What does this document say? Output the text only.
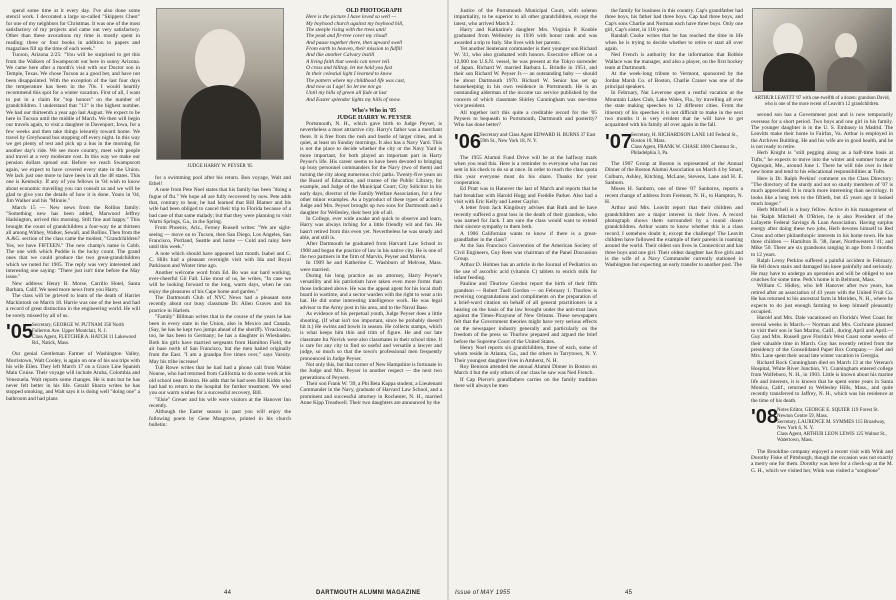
spend some time at it every day. I've also done some stencil work. I decorated a large so-called "Skippers Chest" for one of my neighbors for Christmas. It was one of the most satisfactory of my projects and came out very satisfactory. Other than these avocations my time is mostly spent in reading; three or four books in addition to papers and magazines fill up the time of each week."

Tucson, Arizona 2/25: "You will be surprised to get this from the Walkers of Swampscott out here in sunny Arizona. We came here after a month's visit with our Doctor son in Temple, Texas. We chose Tucson as a good bet, and have not been disappointed. With the exception of the last four days the temperature has been in the 70s. I would heartily recommend this spot for a winter vacation. First of all, I want to put in a claim for "top honors" on the number of grandchildren. I understand that "13" is the highest number. We had our thirteenth a year ago last August. We expect to be here in Tucson until the middle of March. We then will begin our travels again, to visit a daughter in Davenport, Iowa, for a few weeks and then take things leisurely toward home. We travel by Greyhound bus stopping off every night. In this way we get plenty of rest and pick up a bus in the morning for another day's ride. We see more country, meet with people and travel at a very moderate cost. In this way we make our pension dollars spread out. Before we reach Swampscott again, we expect to have covered every state in the Union. We lack just one more to have been in all the 48 states. This one is Kentucky. If any of you fellows in '04 wish to know about economic travelling you can consult us and we will be glad to give you the details of how it is done. Yours in '04, Jim Walker and his "Minnie."

March 15 — New news from the Rollins family: "Something new has been added, Marwood Jeffrey Hadsington, arrived this morning. Still fine and happy." This brought the count of grandchildren a four-way tie at thirteen all among Withey, Walker, Sewall, and Rollins. Then from the A.&G. section of the class came the modest, "Grandchildren? Yes, we have FIFTEEN." The new champ's name is Cobb. The one with which Puddie is the lucky count. The grand ones that we could produce the two great-grandchildren which we noted for 1905. The reply was very interested and interesting one saying: "There just isn't time before the May issue."

New address: Henry B. Morse, Carrillo Hotel, Santa Barbara, Calif. We need more news from you Harry.

The class will be grieved to learn of the death of Harriet Mackintosh on March 18. Harrie was one of the best and had a record of great distinction in the engineering world. He will be sorely missed by all of us.

'05
Secretary, GEORGE W. PUTNAM 358 North Fullerton Ave. Upper Montclair, N. J.
Class Agent, FLETCHER A. HATCH 11 Lakewood Rd., Natick, Mass.

Our genial Gentleman Farmer of Washington Valley, Morristown, Walt Cooley, is again on one of his sea trips with his wife Ellen. They left March 17 on a Grace Line Spanish Main Cruise. Their voyage will include Aruba, Colombia and Venezuela. Walt reports some changes. He is nuts but he has never felt better in his life. Gerald Sbarra writes he has stopped smoking, and Walt says it is doing well "doing one" a bathroom and had plans

JUDGE HARRY W. PEYSER '05

for a swimming pool after his return. Bon voyage, Walt and Ethel!

A note from Pete Noel states that his family has been "doing a fugue of flu." We hope all are fully recovered by now. Pete adds that, contrary to hear, he had learned that Bill Blatner and his wife had been obliged to cancel their trip to Florida because of a bad case of that same malady; but that they were planning to visit Warm Springs, Ga., in the Spring.

From Phoenix, Ariz., Ferney Russell writes: "We are sight-seeing — move on to Tucson, then San Diego, Los Angeles, San Francisco, Portland, Seattle and home — Cold and rainy here until this week."

A note which should have appeared last month. Isabel and C. C. Hills had a pleasant overnight visit with Ida and Royal Parkinson and Winter time ago.

Another welcome word from Ed. Bo was our hard working, ever-cheerful Gil Fall. Like most of us, he writes, "In case we will be looking forward to the long, warm days, when he can enjoy the pleasures of his Cape home and garden."

The Dartmouth Club of NYC News had a pleasant note recently about our busy classmate Dr. Allen Graves and his practice in Harlem.

"Family" Billman writes that in the course of the years he has been in every state in the Union, also in Mexico and Canada. (Say, he has he kept two jumps ahead of the sheriff). Vivaciously, too, he has been to Germany; he has a daughter in Wiesbaden. Both his girls have married sergeants from Hamilton Field, the air base north of San Francisco, but the men hailed originally from the East. "I am a grandpa five times over," says Varsity. May his tribe increase!

Tub Rowe writes that he had had a phone call from Walter Nourse, who had returned from California to do some work at his old school near Boston. He adds that he had seen Bill Kiddo who had had to return to the hospital for further treatment. We send you our warm wishes for a successful recovery, Bill.

"Elsie" Greuer and his wife were visitors at the Hanover Inn recently.

Although the Easter season is past you will enjoy the following poem by Gene Musgrove, printed in his church bulletin:

OLD PHOTOGRAPH

Here is the picture I have loved so well —

My boyhood church against my boyhood hill,

The steeple rising with the trees until

The peak and fir-tree cover my cloud!

And pause together there, then upward swell

From earth to heaven, their mission to fulfill

And like another Calvary instill

A living faith that weeds can never tell.

O cross and hilltop, let me hold you fast

In their celestial light I learned to know

The pattern where my childhood life was cast,

And now as I age! So let me not go

Until my hills of green all fade at last

And Easter splendor lights my hills of snow.

Who's Who in '05

JUDGE HARRY W. PEYSER

Portsmouth, N. H., which gave birth to Judge Peyser, is nevertheless a most attractive city. Harry's father was a merchant there. It is free from the rush and bustle of larger cities, and is quiet, at least on Sunday mornings. It also has a Navy Yard. This is not the place to decide whether the city or the Navy Yard is more important, for both played an important part in Harry Peyser's life. His career seems to have been devoted to bringing up busy personnel commanders for the Navy (two of them) and turning the city along numerous civic paths. Twenty-five years on the Board of Education, and trustee of the Public Library, for example, and Judge of the Municipal Court; City Solicitor in his early days, director of the Family Welfare Association, for a few other minor examples. As a byproduct of these types of activity Judge and Mrs. Peyser brought up two sons for Dartmouth and a daughter for Wellesley, their best job of all.

In College, ever wide awake and quick to observe and learn, Harry was always itching for a little friendly wit and fun. He hasn't retired from this even yet. Nevertheless he was steady and able, and still is.

After Dartmouth he graduated from Harvard Law School in 1908 and began the practice of law in his native city. He is one of the two partners in the firm of Marvin, Peyser and Marvin.

In 1909 he and Katherine C. Washburn of Melrose, Mass. were married.

During his long practice as an attorney, Harry Peyser's versatility and his patriotism have taken even more forms than those indicated above. He was the appeal agent for his local draft board in wartime, and a sector warden with the right to wear a tin hat. He did some interesting intelligence work. He was legal advisor to the Army post in his area, and to the Naval Base.

As evidence of his perpetual youth, Judge Peyser does a little shooting. (If what isn't too important, since he probably doesn't hit it.) He swims and bowls in season. He collects stamps, which is what keeps him thin and trim of figure. He and our late classmate Ira Novick were also classmates in their school time. It is rare for any city to find so useful and versatile a lawyer and judge, so much so that the town's professional men frequently pronounced in Judge Peyser.

Not only this, but that corner of New Hampshire is fortunate in the Judge and Mrs. Peyser in another respect — the next two generations of Peysers.

Their son Frank W. '39, a Phi Beta Kappa student, a Lieutenant Commander in the Navy, graduate of Harvard Law School, and a prominent and successful attorney in Rochester, N. H., married Anne Kipp Treadwell. Their two daughters are announced by the

44	DARTMOUTH ALUMNI MAGAZINE

Justice of the Portsmouth Municipal Court, with solemn impartiality, to be superior to all other grandchildren, except the latest, who arrived March 2.

Harry and Katharine's daughter Mrs. Virginia P. Knoble graduated from Wellesley in 1936 with honor rank and was awarded a trip to Italy. She lives with her parents.

Yet another lieutenant commander is their younger son Richard W. '41, who also graduated with honors. Executive officer on a 12,000 ton U.S.N. vessel, he was present at the Tokyo surrender of Japan. Richard W. married Barbara L. Brindle in 1951, and their son Richard W. Peyser Jr.— an outstanding baby — should be about Dartmouth 1970. Richard W. Senior has set up housekeeping in his own residence in Portsmouth. He is an outstanding alderman of the income tax service published by the concern of which classmate Shirley Cunningham was one-time vice president.

All together isn't this quite a creditable record for the '05 Peysers to bequeath to Portsmouth, Dartmouth and posterity? Who has done better?

'06
Secretary and Class Agent EDWARD H. BURNS 37 East 59th St., New York 18, N. Y.

The 1955 Alumni Fund Drive will be at the halfway mark when you read this. Here is a reminder to everyone who has not sent in his check to do so at once. In order to reach the class quota this year everyone must do his share. Thanks for your cooperation.

Ed Pratt was in Hanover the last of March and reports that he had breakfast with Harold Hogg and Freddie Parker. Also had a visit with Eric Kelly and Lester Gaylor.

A letter from Jack Kingsbury advises that Ruth and he have recently suffered a great loss in the death of their grandson, who was named for Jack. I am sure the class would want to extend their sincere sympathy to them both.

A 1906 Californian wants to know if there is a great-grandfather in the class?

At the San Francisco Convention of the American Society of Civil Engineers, Guy Rees was chairman of the Panel Discussion Group.

Arthur D. Holmes has an article in the Journal of Pediatrics on the use of ascorbic acid (vitamin C) tablets to enrich milk for infant feeding.

Pauline and Thurlow Gordon report the birth of their fifth grandson — Robert Tuell Gordon — on February 1. Thurlow is receiving congratulations and compliments on the preparation of a brief-word citation on behalf of all general practitioners in a hearing on the basis of the law brought under the anti-trust laws against the Times-Picayune of New Orleans. These newspapers felt that the Government theories might have very serious effects on the newspaper industry generally and particularly on the freedom of the press so Thurlow prepared and argued the brief before the Supreme Court of the United States.

Henry Noel reports six grandchildren, three of each, some of whom reside in Atlanta, Ga., and the others in Tarrytown, N. Y. Their youngest daughter lives in Amherst, N. H.

Roy Benison attended the annual Alumni Dinner in Boston on March 4 but the only others of our class he saw was Ned French.

If Cap Pierce's grandfathers carries on the family tradition there will always be men

the family for business in this country. Cap's grandfather had three boys, his father had three boys. Cap had three boys, and Cap's sons Charlie and Norman each have three boys. Only one girl, Cap's sister, in 110 years.

Randall Cooke writes that he has reached the time in life when he is trying to decide whether to retire or start all over again.

Ned French is authority for the information that Bobbie Wallace was the manager, and also a player, on the first hockey team at Dartmouth.

At the week-long tribute to Vermont, sponsored by the Jordan Marsh Co. of Boston, Charlie Craner was one of the principal speakers.

In February, Nat Leverone spent a restful vacation at the Mountain Lakes Club, Lake Wales, Fla., by travelling all over the state making speeches to 12 different cities. From the itinerary of his speeches it is not difficult to make in the next two months it is very evident that he will have to get acquainted with his family all over again in the fall.

'07
Secretary, H. RICHARDSON LANE 140 Federal St., Boston 10, Mass.
Class Agent, FRANK W. CHASE 1000 Chestnut St., Philadelphia 3, Pa.

The 1907 Group at Boston is represented at the Annual Dinner of the Boston Alumni Association on March 4 by Smart, Colburn, Ashley, Kitching, McLane, Stevens, Lane and H. E. Sanborn.

Moses H. Sanborn, one of three '07 Sanborns, reports a recent change of address from Fremont, N. H., to Hampton, N. H.

Arthur and Mrs. Leavitt report that their children and grandchildren are a major interest in their lives. A record photograph shows them surrounded by a round dozen grandchildren. Arthur wants to know whether this is a class record. I somehow doubt it, except the challenge! The Leavitt children have followed the example of their parents in roaming around the world. Their oldest son lives in Connecticut and has three boys and one girl. Their oldest daughter has five girls and is the wife of a Navy Commander currently stationed in Washington but expecting an early transfer to another post. The

ARTHUR LEAVITT '07 with one-twelfth of a dozen: grandson David, who is one of the more recent of Leavitt's 12 grandchildren.

second son has a Government post and is now temporarily overseas for a short period. Two boys and one girl in his family. The younger daughter is in the U. S. Embassy in Madrid. The Leavitts make their home in Fairfax, Va. Arthur is employed in the Archives Building. He and his wife are in good health, and he is not ready to retire.

Herb Knight is "still pegging along as a half-time basis at Tufts," he expects to move into the winter and summer home at Ogonquit, Me., around June 1. There he will tide over in their new home and tend to his educational responsibilities at Tufts.

Here is Dr. Ralph Perkins' comment on the Class Directory: "The directory of the sturdy and not so sturdy members of '07 is much appreciated. It is much more interesting than necrology. It looks like a long trek to the fiftieth, but 45 years ago it looked much longer."

Herb Mitchell is a busy fellow. Active in his management of his 'Ralph Mitchell & O'Brien, he is also President of the Lafayette Federal Savings & Loan Association. Having surplus energy after doing these two jobs, Herb devotes himself to Red Cross and other philanthropic interests in his home town. He has three children — Hamilton B. '38, Janet, Northwestern '41; and Mike '50. There are six grandsons ranging in age from 3 months to 12 years.

Ralph Leroy Perkins suffered a painful accident in February. He fell down stairs and damaged his knee painfully and seriously. He may have to undergo an operation and will be obliged to use crutches for some time. Perk's home is in Belmont, Mass.

William C. Hidley, who left Hanover after two years, has retired after an association of 43 years with the United Fruit Co. He has returned to his ancestral farm in Meriden, N. H., where he expects to do just enough farming to keep himself pleasantly occupied.

Harold and Mrs. Dale vacationed on Florida's West Coast for several weeks in March.— Norman and Mrs. Cochrane planned to visit their son in San Marino, Calif., during April and April.— Guy and Mrs. Russell gave Florida's West Coast some weeks of their valuable time in March. Guy has recently retired from the presidency of the Consolidated Paper Box Company.— Joel and Mrs. Lane spent their usual late winter vacation in Georgia.

Richard Rock Cunningham died on March 13 at the Veteran's Hospital, White River Junction, Vt. Cunningham entered college from Wolfeboro, N. H., in 1903. Little is known about his marine life and interests, it is known that he spent some years in Santa Monica, Calif., returned to Wellesley Hills, Mass., and quite recently transferred to Jaffrey, N. H., which was his residence at the time of his death.

'08
Notes Editor, GEORGE E. SQUIER 119 Forest St. Newton Centre 59, Mass.
Secretary, LAURENCE M. SYMMES 115 Broadway, New York 6, N. Y.
Class Agent, ARTHUR LEON LEWIS 125 Walnut St., Watertown, Mass.

The Brookline company enjoyed a recent visit with Wink and Dorothy Fiske of Pittsburgh, though the occasion was not exactly a merry one for them. Dorothy was here for a check-up at the M. G. H., which we visited her, Wink was visited a "songbone"

Issue of MAY 1955	45
